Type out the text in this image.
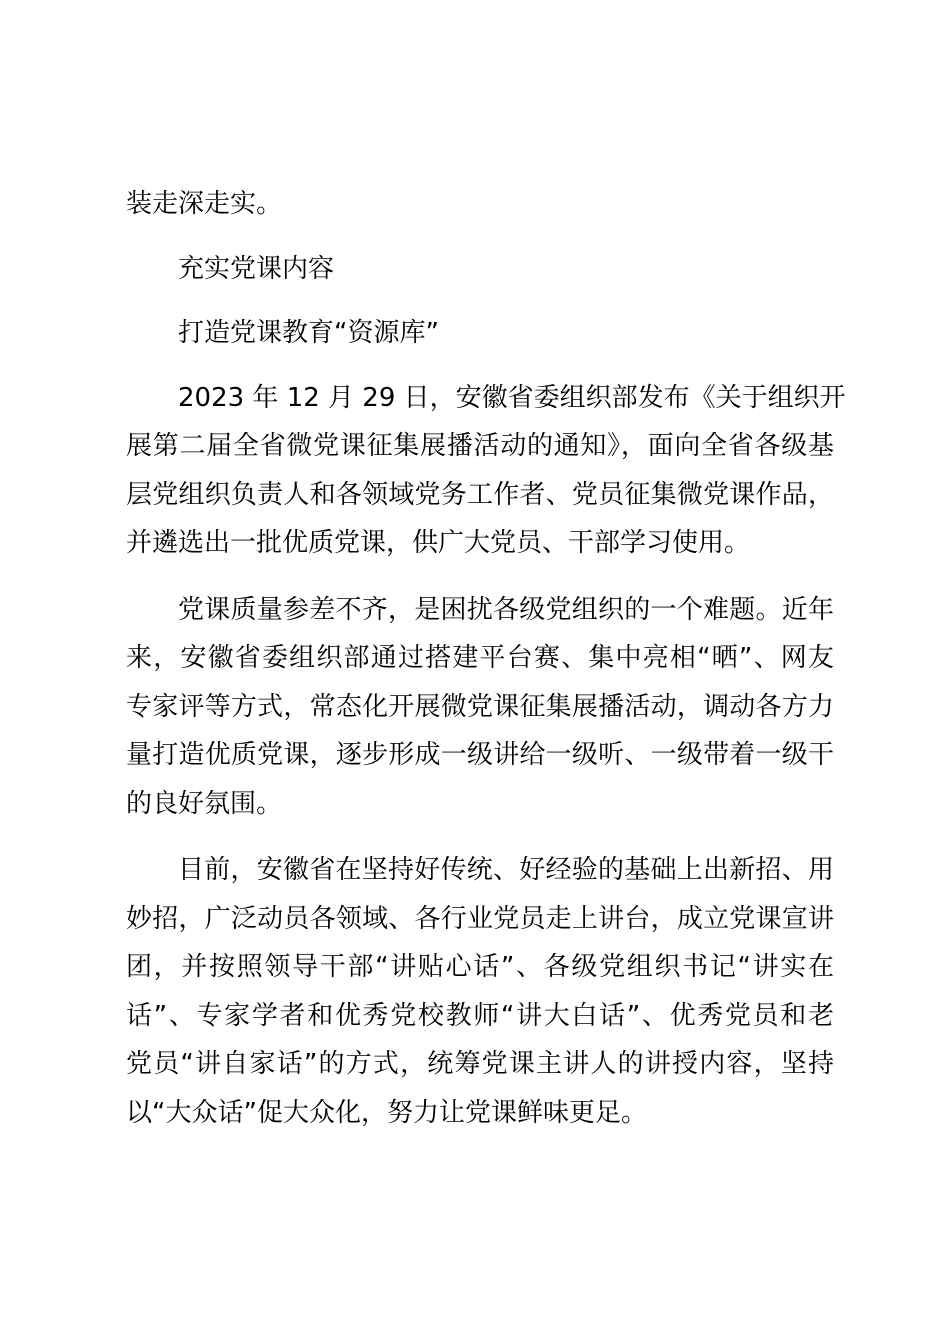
装走深走实。

充实党课内容

打造党课教育“资源库”

2023 年 12 月 29 日，安徽省委组织部发布《关于组织开

展第二届全省微党课征集展播活动的通知》，面向全省各级基

层党组织负责人和各领域党务工作者、党员征集微党课作品，

并遴选出一批优质党课，供广大党员、干部学习使用。

党课质量参差不齐，是困扰各级党组织的一个难题。近年

来，安徽省委组织部通过搭建平台赛、集中亮相“晒”、网友

专家评等方式，常态化开展微党课征集展播活动，调动各方力

量打造优质党课，逐步形成一级讲给一级听、一级带着一级干

的良好氛围。

目前，安徽省在坚持好传统、好经验的基础上出新招、用

妙招，广泛动员各领域、各行业党员走上讲台，成立党课宣讲

团，并按照领导干部“讲贴心话”、各级党组织书记“讲实在

话”、专家学者和优秀党校教师“讲大白话”、优秀党员和老

党员“讲自家话”的方式，统筹党课主讲人的讲授内容，坚持

以“大众话”促大众化，努力让党课鲜味更足。
